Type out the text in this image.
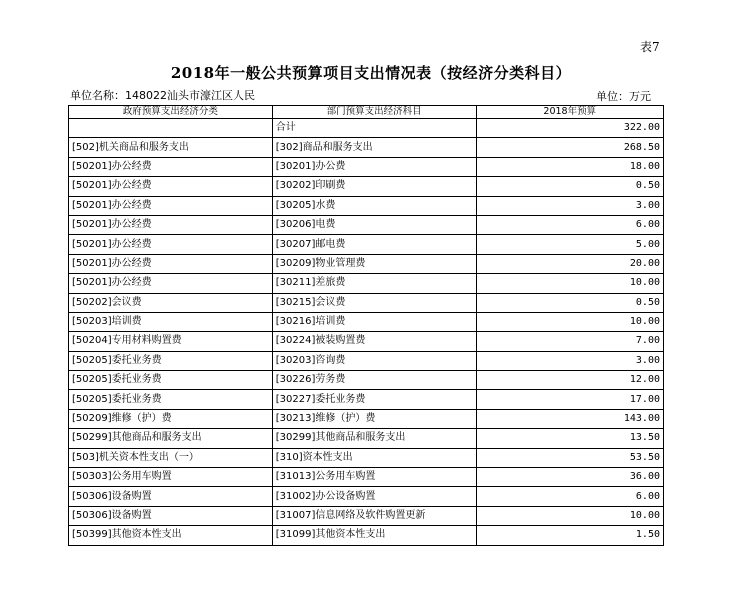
表7
2018年一般公共预算项目支出情况表（按经济分类科目）
单位名称：148022汕头市濠江区人民	单位：万元
政府预算支出经济分类	部门预算支出经济科目	2018年预算
	合计	322.00
[502]机关商品和服务支出	[302]商品和服务支出	268.50
[50201]办公经费	[30201]办公费	18.00
[50201]办公经费	[30202]印刷费	0.50
[50201]办公经费	[30205]水费	3.00
[50201]办公经费	[30206]电费	6.00
[50201]办公经费	[30207]邮电费	5.00
[50201]办公经费	[30209]物业管理费	20.00
[50201]办公经费	[30211]差旅费	10.00
[50202]会议费	[30215]会议费	0.50
[50203]培训费	[30216]培训费	10.00
[50204]专用材料购置费	[30224]被装购置费	7.00
[50205]委托业务费	[30203]咨询费	3.00
[50205]委托业务费	[30226]劳务费	12.00
[50205]委托业务费	[30227]委托业务费	17.00
[50209]维修（护）费	[30213]维修（护）费	143.00
[50299]其他商品和服务支出	[30299]其他商品和服务支出	13.50
[503]机关资本性支出（一）	[310]资本性支出	53.50
[50303]公务用车购置	[31013]公务用车购置	36.00
[50306]设备购置	[31002]办公设备购置	6.00
[50306]设备购置	[31007]信息网络及软件购置更新	10.00
[50399]其他资本性支出	[31099]其他资本性支出	1.50
